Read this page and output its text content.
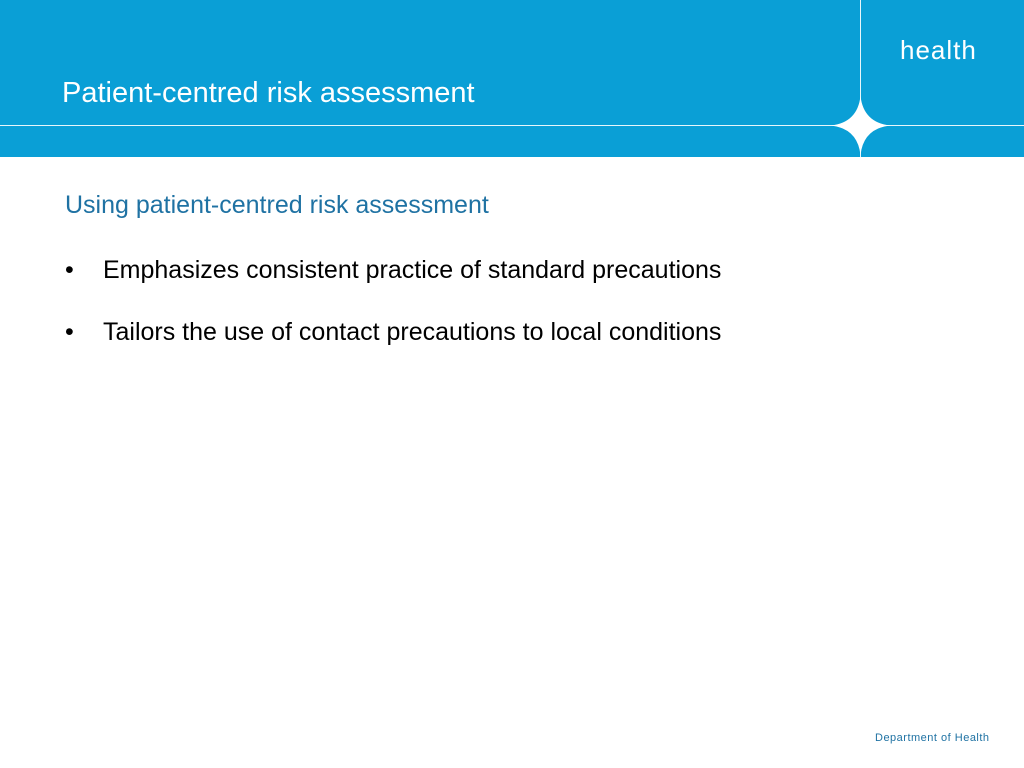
Patient-centred risk assessment
health
Using patient-centred risk assessment
• Emphasizes consistent practice of standard precautions
• Tailors the use of contact precautions to local conditions
Department of Health
